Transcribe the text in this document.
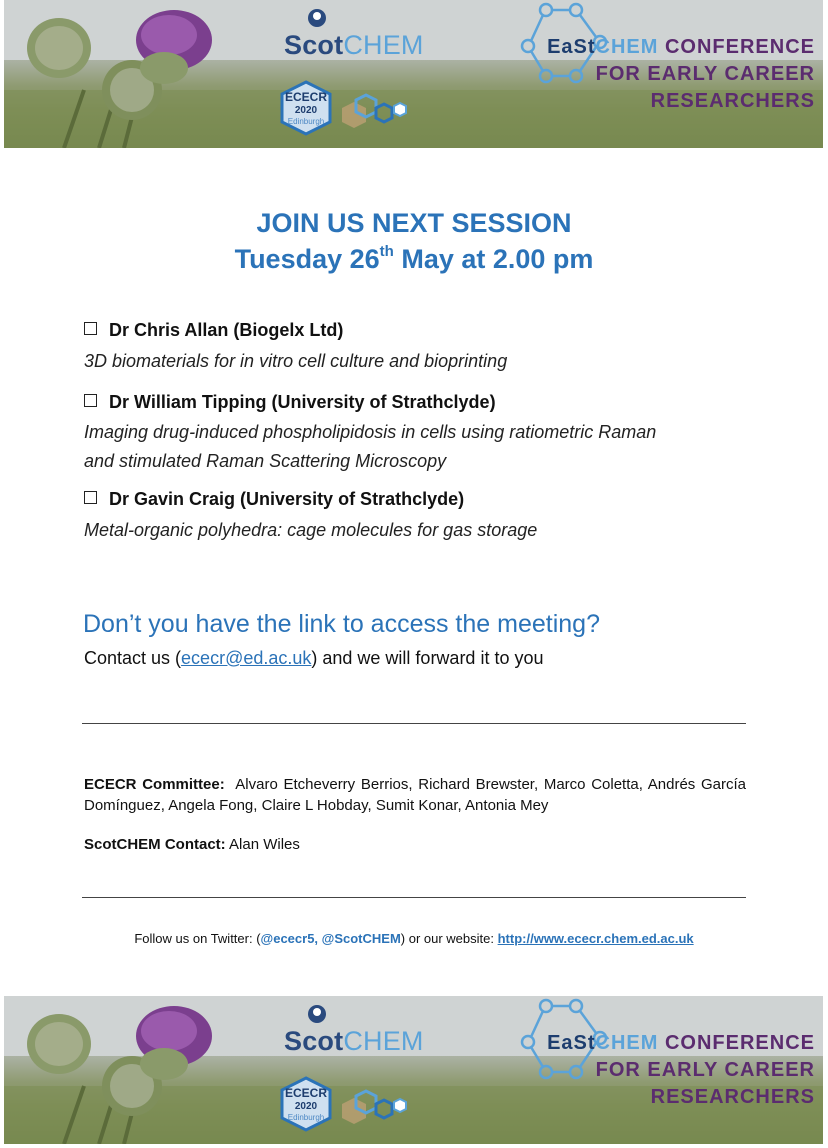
ScotCHEM
ECECR
2020
Edinburgh
EaStCHEM CONFERENCE
FOR EARLY CAREER
RESEARCHERS
JOIN US NEXT SESSION
Tuesday 26th May at 2.00 pm
Dr Chris Allan (Biogelx Ltd)
3D biomaterials for in vitro cell culture and bioprinting
Dr William Tipping (University of Strathclyde)
Imaging drug-induced phospholipidosis in cells using ratiometric Raman and stimulated Raman Scattering Microscopy
Dr Gavin Craig (University of Strathclyde)
Metal-organic polyhedra: cage molecules for gas storage
Don’t you have the link to access the meeting?
Contact us (ececr@ed.ac.uk) and we will forward it to you
ECECR Committee: Alvaro Etcheverry Berrios, Richard Brewster, Marco Coletta, Andrés García Domínguez, Angela Fong, Claire L Hobday, Sumit Konar, Antonia Mey
ScotCHEM Contact: Alan Wiles
Follow us on Twitter: (@ececr5, @ScotCHEM) or our website: http://www.ececr.chem.ed.ac.uk
ScotCHEM
ECECR
2020
Edinburgh
EaStCHEM CONFERENCE
FOR EARLY CAREER
RESEARCHERS
